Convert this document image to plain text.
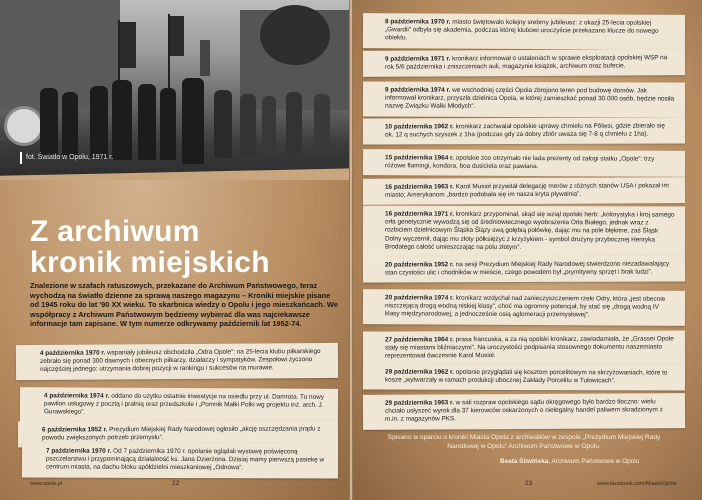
fot. Światło w Opolu, 1971 r.
Z archiwum
kronik miejskich

Znalezione w szafach ratuszowych, przekazane do Archiwum Państwowego, teraz wychodzą na światło dzienne za sprawą naszego magazynu – Kroniki miejskie pisane od 1945 roku do lat '90 XX wieku. To skarbnica wiedzy o Opolu i jego mieszkańcach. We współpracy z Archiwum Państwowym będziemy wybierać dla was najciekawsze informacje tam zapisane. W tym numerze odkrywamy październik lat 1952-74.

4 października 1970 r. wspaniały jubileusz obchodziła „Odra Opole”: na 25-lecia klubu piłkarskiego zebrało się ponad 300 dawnych i obecnych piłkarzy, działaczy i sympatyków. Zespołowi życzono najczęściej jednego: utrzymania dobrej pozycji w rankingu i sukcesów na murawie.
4 października 1974 r. oddano do użytku ostatnie inwestycje na osiedlu przy ul. Damrota. Tu nowy pawilon usługowy z pocztą i pralnią oraz przedszkole i „Pomnik Małki Polki wg projektu inż. arch. J. Gurawskiego”.
6 października 1952 r. Prezydium Miejskiej Rady Narodowej ogłosiło „akcję oszczędzania prądu z powodu zwiększonych potrzeb przemysłu”.
7 października 1970 r. Od 7 października 1970 r. opolanie oglądali wystawę poświęconą pszczelarstwu i przypominającą działalność ks. Jana Dzierżona. Dzisiaj mamy pierwszą pasiekę w centrum miasta, na dachu bloku spółdzielni mieszkaniowej „Odnowa”.
www.opole.pl	22
8 października 1970 r. miasto świętowało kolejny srebrny jubileusz: z okazji 25-lecia opolskiej „Gwardii” odbyła się akademia, podczas której klubowi uroczyście przekazano klucze do nowego obiektu.
9 października 1971 r. kronikarz informował o ustaleniach w sprawie eksploatacji opolskiej WSP na rok 5/6 października i zniszczeniach auli, magazynie książek, archiwum oraz bufecie.
9 października 1974 r. we wschodniej części Opola zbrojono teren pod budowę domów. Jak informował kronikarz, przyszła dzielnica Opola, w której zamieszkać ponad 30.000 osób, będzie nosiła nazwę Związku Walki Młodych”.
10 października 1962 r. kronikarz zachwalał opolskie uprawy chmielu na Pólwsi, gdzie zbierało się ok. 12 q suchych szyszek z 1ha (podczas gdy za dobry zbiór uważa się 7-8 q chmielu z 1ha).
15 października 1964 r. opolskie zoo otrzymało nie lada prezenty od załogi statku „Opole”: trzy różowe flamingi, kondora, boa dusiciela oraz pawiana.
16 października 1963 r. Karol Musioł przywitał delegację merów z różnych stanów USA i pokazał im miasto; Amerykanom „bardzo podobała się im nasza kryta pływalnia”.
16 października 1971 r. kronikarz przypominał, skąd się wziął opolski herb: „kolorystyka i kroj samego orła genetycznie wywodzą się od średniowiecznego wyobrażenia Orła Białego, jednak wraz z rozbiciem dzielnicowym Śląska Ślązy swą gołębią połówkę, dając mu na pole błękitne, zaś Śląsk Dolny wyczernił, dając mu złoty półksiężyc z krzyżykiem - symbol drużyny przybocznej Henryka Brodatego całość umieszczając na polu złotym”.
20 października 1952 r. na sesji Prezydium Miejskiej Rady Narodowej stwierdzono niezadawalający stan czystości ulic i chodników w mieście, czego powodem był „prymitywny sprzęt i brak ludzi”.
20 października 1974 r. kronikarz wzdychał nad zanieczyszczeniem rzeki Odry, która „jest obecnie niszczejącą drogą wodną niskiej klasy”, choć ma ogromny potencjał, by stać się „drogą wodną IV klasy międzynarodowej, a jednocześnie osią aglomeracji przemysłowej”.
27 października 1964 r. prasa francuska, a za nią opolski kronikarz, zawiadamiała, że „Grassei Opole stały się miastami bliźniaczymi”. Na uroczystości podpisania stosownego dokumentu naszemiasto reprezentował ówczesnie Karol Musioł.
29 października 1962 r. opolanie przyglądali się kosztom porcelitowym na skrzyżowaniach, które to kosze „wytwarzały w ramach produkcji ubocznej Zakłady Porcelitu w Tułowicach”.
29 października 1963 r. w sali rozpraw opolskiego sądu okręgowego było bardzo tłoczno: wielu chciało usłyszeć wyrok dla 37 kierowców oskarżonych o nielegalny handel paliwem skradzionym z m.in. z magazynów PKS.
23	www.facebook.com/MiastoOpole
Spisano w oparciu o kroniki Miasta Opola z archiwaliów w zespole „Prezydium Miejskiej Rady Narodowej w Opolu” Archiwum Państwowe w Opolu.
Beata Śliwińska, Archiwum Państwowe w Opolu
